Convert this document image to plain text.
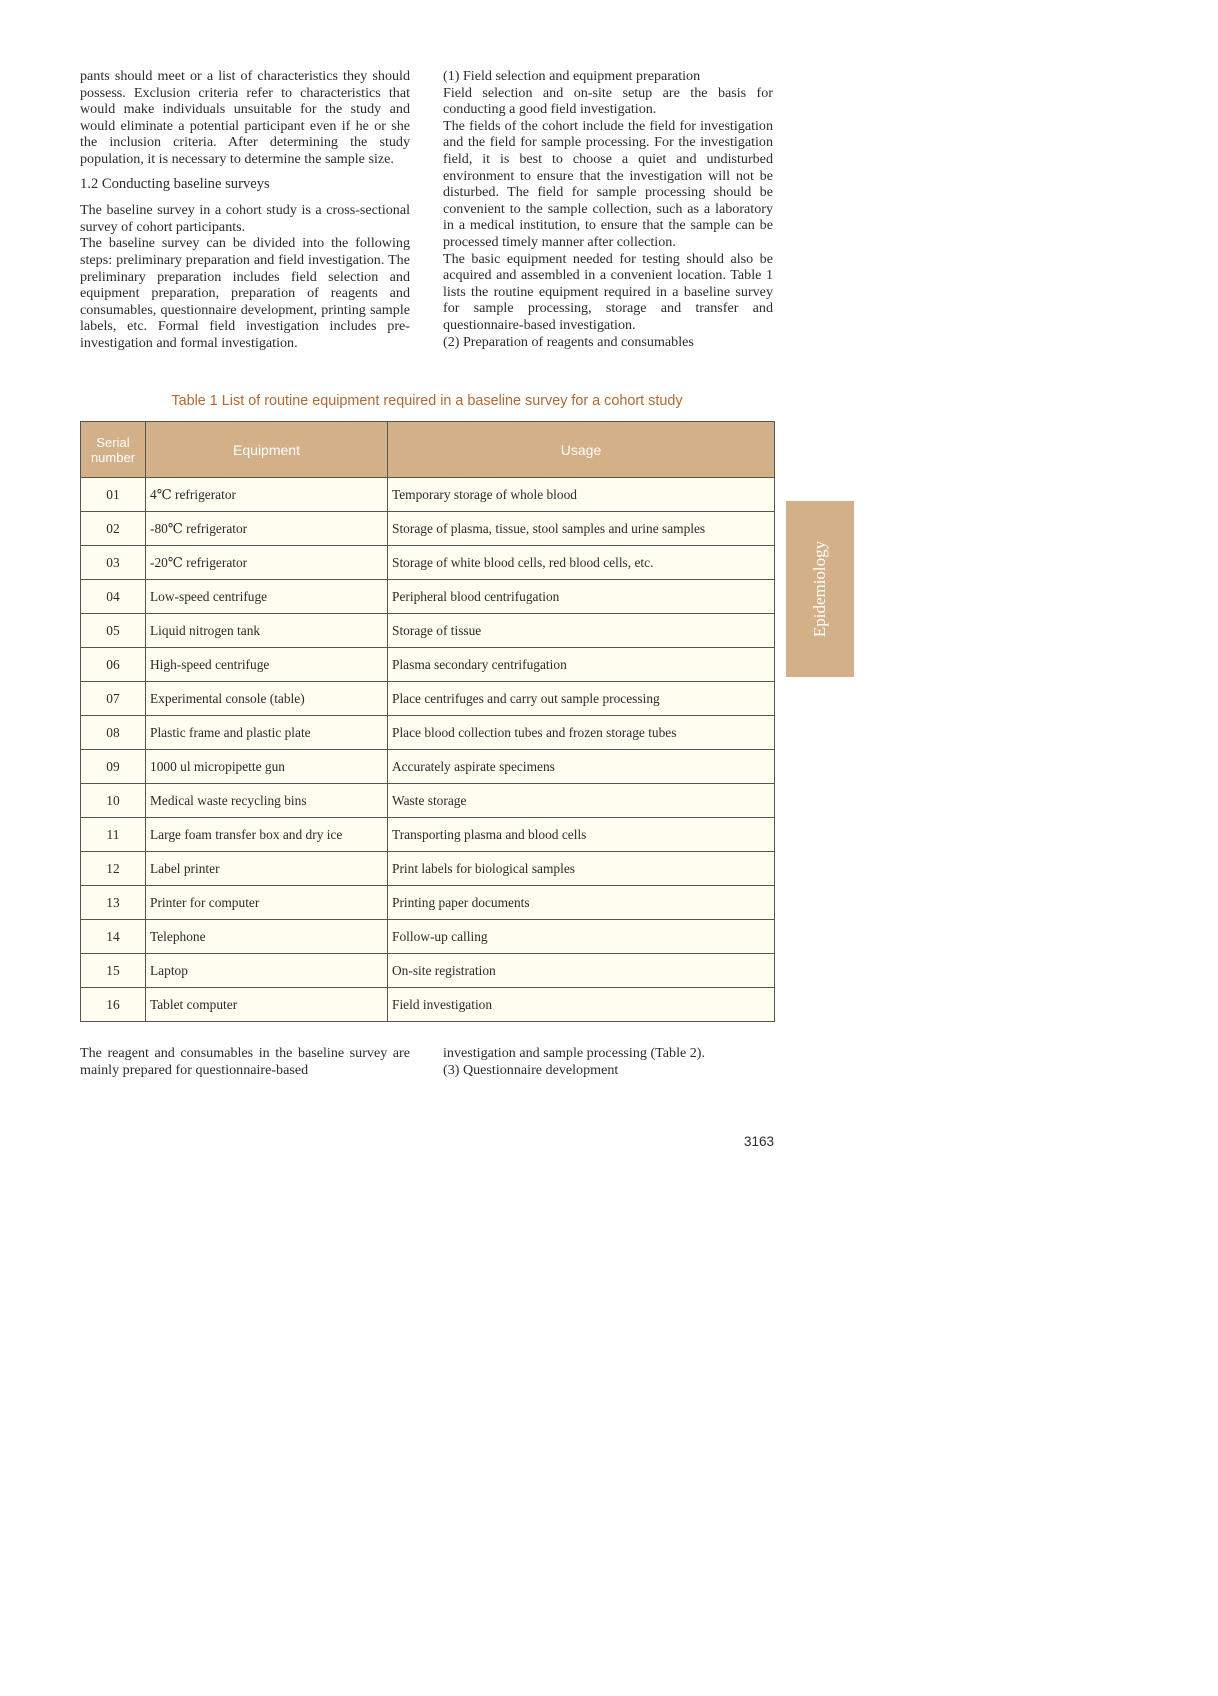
pants should meet or a list of characteristics they should possess. Exclusion criteria refer to characteristics that would make individuals unsuitable for the study and would eliminate a potential participant even if he or she the inclusion criteria. After determining the study population, it is necessary to determine the sample size.

1.2 Conducting baseline surveys

The baseline survey in a cohort study is a cross-sectional survey of cohort participants.

The baseline survey can be divided into the following steps: preliminary preparation and field investigation. The preliminary preparation includes field selection and equipment preparation, preparation of reagents and consumables, questionnaire development, printing sample labels, etc. Formal field investigation includes pre-investigation and formal investigation.

(1) Field selection and equipment preparation

Field selection and on-site setup are the basis for conducting a good field investigation.

The fields of the cohort include the field for investigation and the field for sample processing. For the investigation field, it is best to choose a quiet and undisturbed environment to ensure that the investigation will not be disturbed. The field for sample processing should be convenient to the sample collection, such as a laboratory in a medical institution, to ensure that the sample can be processed timely manner after collection.

The basic equipment needed for testing should also be acquired and assembled in a convenient location. Table 1 lists the routine equipment required in a baseline survey for sample processing, storage and transfer and questionnaire-based investigation.

(2) Preparation of reagents and consumables

Table 1 List of routine equipment required in a baseline survey for a cohort study
Serial
number	Equipment	Usage
01	4℃ refrigerator	Temporary storage of whole blood
02	-80℃ refrigerator	Storage of plasma, tissue, stool samples and urine samples
03	-20℃ refrigerator	Storage of white blood cells, red blood cells, etc.
04	Low-speed centrifuge	Peripheral blood centrifugation
05	Liquid nitrogen tank	Storage of tissue
06	High-speed centrifuge	Plasma secondary centrifugation
07	Experimental console (table)	Place centrifuges and carry out sample processing
08	Plastic frame and plastic plate	Place blood collection tubes and frozen storage tubes
09	1000 ul micropipette gun	Accurately aspirate specimens
10	Medical waste recycling bins	Waste storage
11	Large foam transfer box and dry ice	Transporting plasma and blood cells
12	Label printer	Print labels for biological samples
13	Printer for computer	Printing paper documents
14	Telephone	Follow-up calling
15	Laptop	On-site registration
16	Tablet computer	Field investigation

The reagent and consumables in the baseline survey are mainly prepared for questionnaire-based

investigation and sample processing (Table 2).

(3) Questionnaire development

3163
Epidemiology
